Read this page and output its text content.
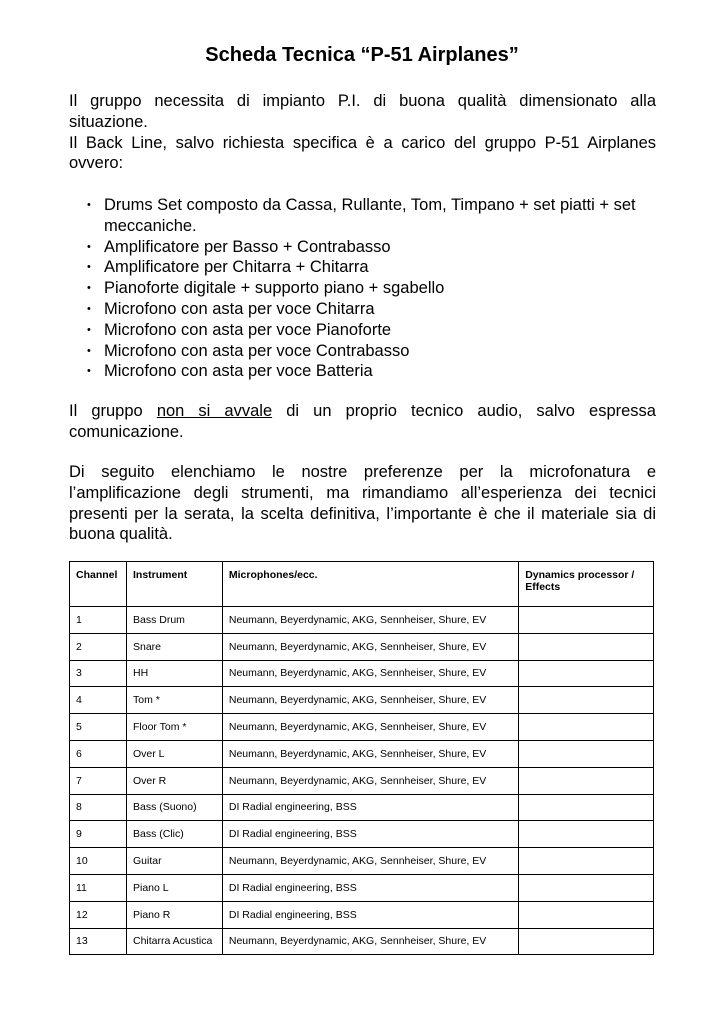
Scheda Tecnica “P-51 Airplanes”
Il gruppo necessita di impianto P.I. di buona qualità dimensionato alla
situazione.
Il Back Line, salvo richiesta specifica è a carico del gruppo P-51 Airplanes
ovvero:
• Drums Set composto da Cassa, Rullante, Tom, Timpano + set piatti + set meccaniche.
• Amplificatore per Basso + Contrabasso
• Amplificatore per Chitarra + Chitarra
• Pianoforte digitale + supporto piano + sgabello
• Microfono con asta per voce Chitarra
• Microfono con asta per voce Pianoforte
• Microfono con asta per voce Contrabasso
• Microfono con asta per voce Batteria
Il gruppo non si avvale di un proprio tecnico audio, salvo espressa
comunicazione.
Di seguito elenchiamo le nostre preferenze per la microfonatura e
l’amplificazione degli strumenti, ma rimandiamo all’esperienza dei tecnici
presenti per la serata, la scelta definitiva, l’importante è che il materiale sia di
buona qualità.
Channel	Instrument	Microphones/ecc.	Dynamics processor / Effects
1	Bass Drum	Neumann, Beyerdynamic, AKG, Sennheiser, Shure, EV	
2	Snare	Neumann, Beyerdynamic, AKG, Sennheiser, Shure, EV	
3	HH	Neumann, Beyerdynamic, AKG, Sennheiser, Shure, EV	
4	Tom *	Neumann, Beyerdynamic, AKG, Sennheiser, Shure, EV	
5	Floor Tom *	Neumann, Beyerdynamic, AKG, Sennheiser, Shure, EV	
6	Over L	Neumann, Beyerdynamic, AKG, Sennheiser, Shure, EV	
7	Over R	Neumann, Beyerdynamic, AKG, Sennheiser, Shure, EV	
8	Bass (Suono)	DI Radial engineering, BSS	
9	Bass (Clic)	DI Radial engineering, BSS	
10	Guitar	Neumann, Beyerdynamic, AKG, Sennheiser, Shure, EV	
11	Piano L	DI Radial engineering, BSS	
12	Piano R	DI Radial engineering, BSS	
13	Chitarra Acustica	Neumann, Beyerdynamic, AKG, Sennheiser, Shure, EV	
